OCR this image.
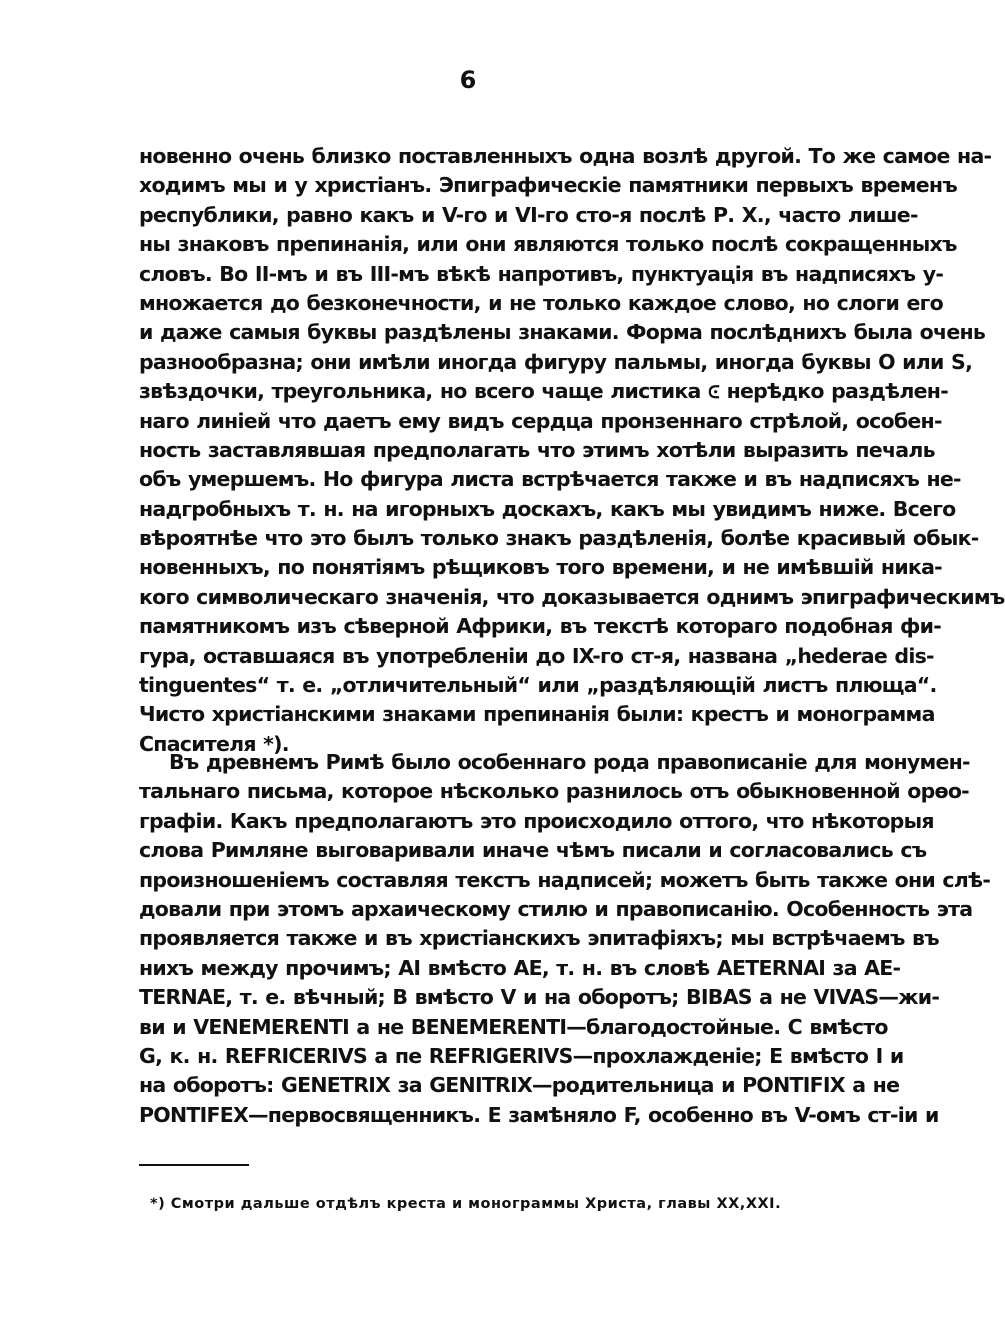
6
новенно очень близко поставленныхъ одна возлѣ другой. То же самое на-
ходимъ мы и у христіанъ. Эпиграфическіе памятники первыхъ временъ
республики, равно какъ и V-го и VI-го сто-я послѣ Р. Х., часто лише-
ны знаковъ препинанія, или они являются только послѣ сокращенныхъ
словъ. Во II-мъ и въ III-мъ вѣкѣ напротивъ, пунктуація въ надписяхъ у-
множается до безконечности, и не только каждое слово, но слоги его
и даже самыя буквы раздѣлены знаками. Форма послѣднихъ была очень
разнообразна; они имѣли иногда фигуру пальмы, иногда буквы О или S,
звѣздочки, треугольника, но всего чаще листика ⪽ нерѣдко раздѣлен-
наго линіей что даетъ ему видъ сердца пронзеннаго стрѣлой, особен-
ность заставлявшая предполагать что этимъ хотѣли выразить печаль
объ умершемъ. Но фигура листа встрѣчается также и въ надписяхъ не-
надгробныхъ т. н. на игорныхъ доскахъ, какъ мы увидимъ ниже. Всего
вѣроятнѣе что это былъ только знакъ раздѣленія, болѣе красивый обык-
новенныхъ, по понятіямъ рѣщиковъ того времени, и не имѣвшій никa-
кого символическаго значенія, что доказывается однимъ эпиграфическимъ
памятникомъ изъ сѣверной Африки, въ текстѣ котораго подобная фи-
гура, оставшаяся въ употребленіи до IX-го ст-я, названа „hederae dis-
tinguentes“ т. е. „отличительный“ или „раздѣляющій листъ плюща“.
Чисто христіанскими знаками препинанія были: крестъ и монограмма
Спасителя *).
Въ древнемъ Римѣ было особеннаго рода правописаніе для монумен-
тальнаго письма, которое нѣсколько разнилось отъ обыкновенной орѳо-
графіи. Какъ предполагаютъ это происходило оттого, что нѣкоторыя
слова Римляне выговаривали иначе чѣмъ писали и согласовались съ
произношеніемъ составляя текстъ надписей; можетъ быть также они слѣ-
довали при этомъ архаическому стилю и правописанію. Особенность эта
проявляется также и въ христіанскихъ эпитафіяхъ; мы встрѣчаемъ въ
нихъ между прочимъ; AI вмѣсто AE, т. н. въ словѣ AETERNAI за AE-
TERNAE, т. е. вѣчный; B вмѣсто V и на оборотъ; BIBAS а не VIVAS—жи-
ви и VENEMERENTI а не BENEMERENTI—благодостойные. C вмѣсто
G, к. н. REFRICERIVS а пе REFRIGERIVS—прохлажденіе; E вмѣсто I и
на оборотъ: GENETRIX за GENITRIX—родительница и PONTIFIX а не
PONTIFEX—первосвященникъ. E замѣняло F, особенно въ V-омъ ст-іи и
*) Смотри дальше отдѣлъ креста и монограммы Христа, главы XX,XXI.
